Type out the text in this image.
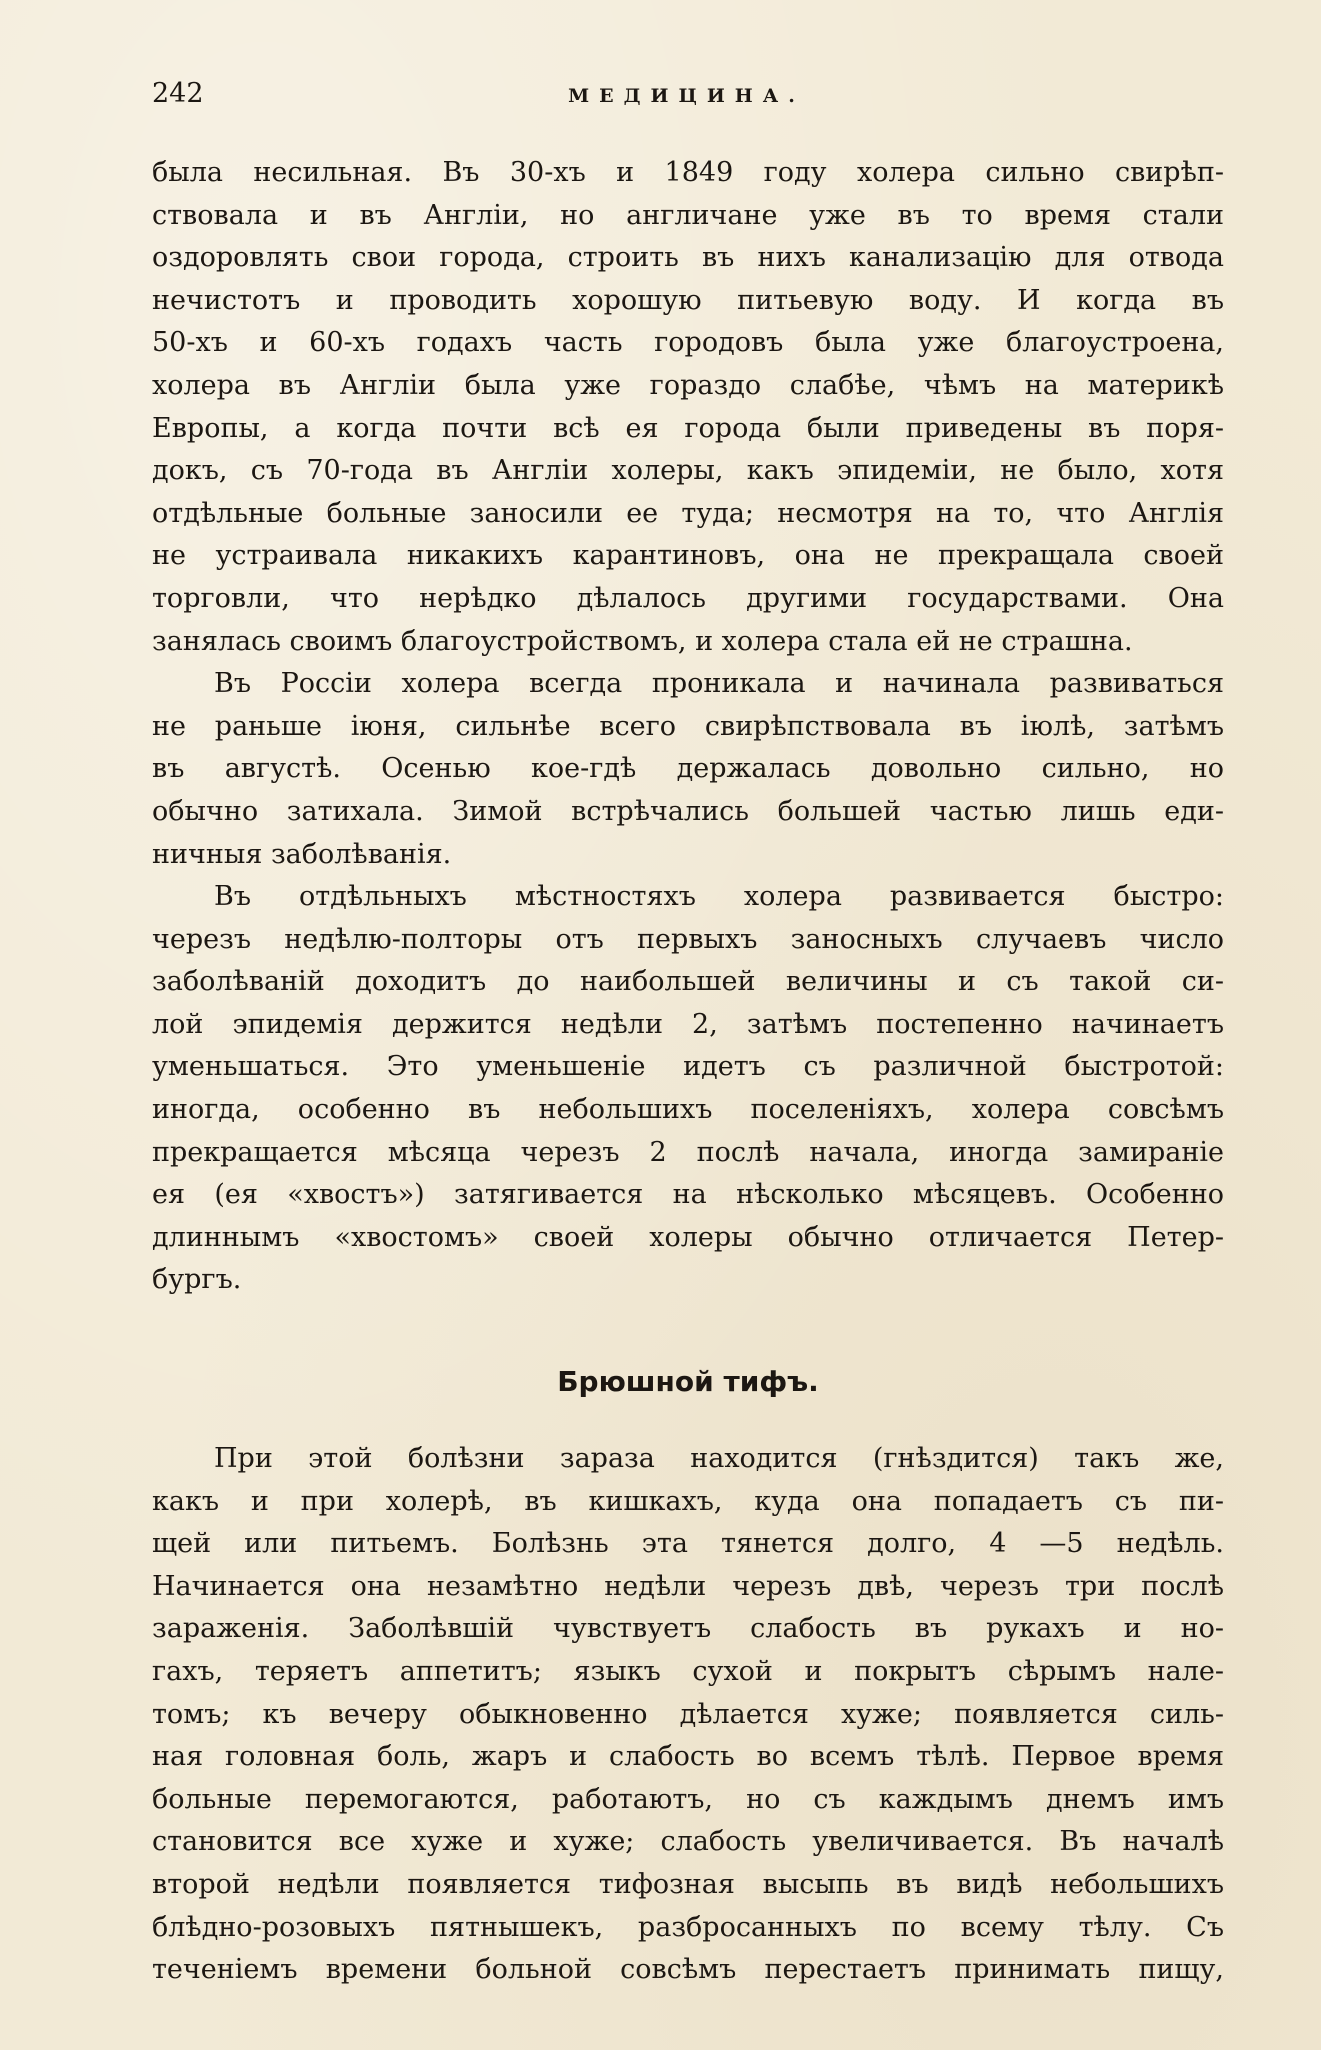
242	МЕДИЦИНА.

была несильная. Въ 30-хъ и 1849 году холера сильно свирѣп-
ствовала и въ Англіи, но англичане уже въ то время стали
оздоровлять свои города, строить въ нихъ канализацію для отвода
нечистотъ и проводить хорошую питьевую воду. И когда въ
50-хъ и 60-хъ годахъ часть городовъ была уже благоустроена,
холера въ Англіи была уже гораздо слабѣе, чѣмъ на материкѣ
Европы, а когда почти всѣ ея города были приведены въ поря-
докъ, съ 70-года въ Англіи холеры, какъ эпидеміи, не было, хотя
отдѣльные больные заносили ее туда; несмотря на то, что Англія
не устраивала никакихъ карантиновъ, она не прекращала своей
торговли, что нерѣдко дѣлалось другими государствами. Она
занялась своимъ благоустройствомъ, и холера стала ей не страшна.

Въ Россіи холера всегда проникала и начинала развиваться
не раньше іюня, сильнѣе всего свирѣпствовала въ іюлѣ, затѣмъ
въ августѣ. Осенью кое-гдѣ держалась довольно сильно, но
обычно затихала. Зимой встрѣчались большей частью лишь еди-
ничныя заболѣванія.

Въ отдѣльныхъ мѣстностяхъ холера развивается быстро:
черезъ недѣлю-полторы отъ первыхъ заносныхъ случаевъ число
заболѣваній доходитъ до наибольшей величины и съ такой си-
лой эпидемія держится недѣли 2, затѣмъ постепенно начинаетъ
уменьшаться. Это уменьшеніе идетъ съ различной быстротой:
иногда, особенно въ небольшихъ поселеніяхъ, холера совсѣмъ
прекращается мѣсяца черезъ 2 послѣ начала, иногда замираніе
ея (ея «хвостъ») затягивается на нѣсколько мѣсяцевъ. Особенно
длиннымъ «хвостомъ» своей холеры обычно отличается Петер-
бургъ.

Брюшной тифъ.

При этой болѣзни зараза находится (гнѣздится) такъ же,
какъ и при холерѣ, въ кишкахъ, куда она попадаетъ съ пи-
щей или питьемъ. Болѣзнь эта тянется долго, 4 —5 недѣль.
Начинается она незамѣтно недѣли черезъ двѣ, черезъ три послѣ
зараженія. Заболѣвшій чувствуетъ слабость въ рукахъ и но-
гахъ, теряетъ аппетитъ; языкъ сухой и покрытъ сѣрымъ нале-
томъ; къ вечеру обыкновенно дѣлается хуже; появляется силь-
ная головная боль, жаръ и слабость во всемъ тѣлѣ. Первое время
больные перемогаются, работаютъ, но съ каждымъ днемъ имъ
становится все хуже и хуже; слабость увеличивается. Въ началѣ
второй недѣли появляется тифозная высыпь въ видѣ небольшихъ
блѣдно-розовыхъ пятнышекъ, разбросанныхъ по всему тѣлу. Съ
теченіемъ времени больной совсѣмъ перестаетъ принимать пищу,
